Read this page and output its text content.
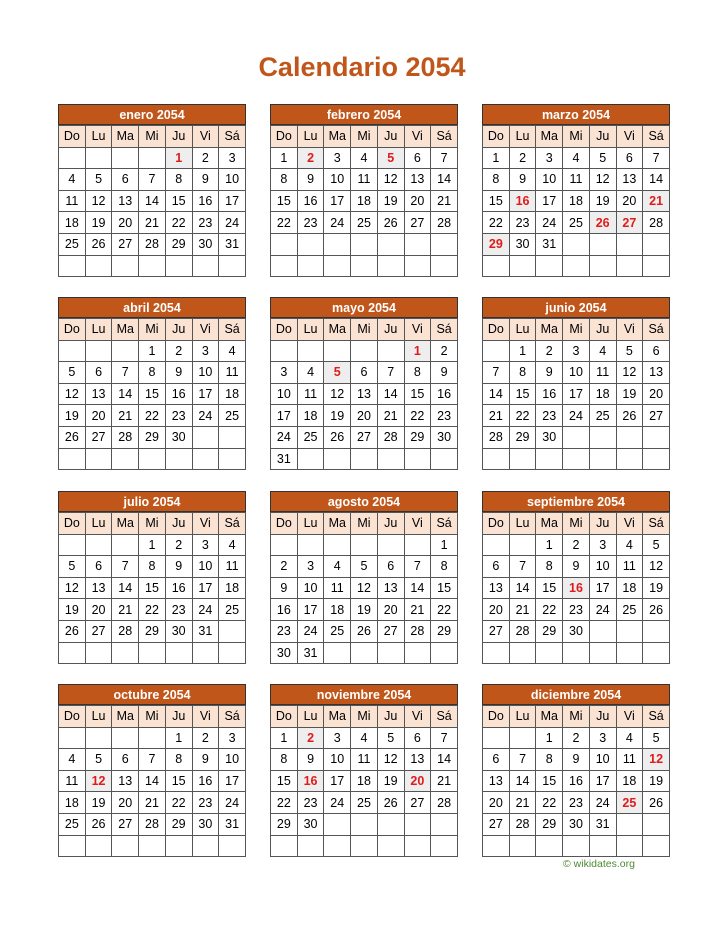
Calendario 2054
enero 2054
Do	Lu	Ma	Mi	Ju	Vi	Sá
				1	2	3
4	5	6	7	8	9	10
11	12	13	14	15	16	17
18	19	20	21	22	23	24
25	26	27	28	29	30	31

febrero 2054
Do	Lu	Ma	Mi	Ju	Vi	Sá
1	2	3	4	5	6	7
8	9	10	11	12	13	14
15	16	17	18	19	20	21
22	23	24	25	26	27	28

marzo 2054
Do	Lu	Ma	Mi	Ju	Vi	Sá
1	2	3	4	5	6	7
8	9	10	11	12	13	14
15	16	17	18	19	20	21
22	23	24	25	26	27	28
29	30	31				

abril 2054
Do	Lu	Ma	Mi	Ju	Vi	Sá
			1	2	3	4
5	6	7	8	9	10	11
12	13	14	15	16	17	18
19	20	21	22	23	24	25
26	27	28	29	30		

mayo 2054
Do	Lu	Ma	Mi	Ju	Vi	Sá
					1	2
3	4	5	6	7	8	9
10	11	12	13	14	15	16
17	18	19	20	21	22	23
24	25	26	27	28	29	30
31						
junio 2054
Do	Lu	Ma	Mi	Ju	Vi	Sá
	1	2	3	4	5	6
7	8	9	10	11	12	13
14	15	16	17	18	19	20
21	22	23	24	25	26	27
28	29	30				

julio 2054
Do	Lu	Ma	Mi	Ju	Vi	Sá
			1	2	3	4
5	6	7	8	9	10	11
12	13	14	15	16	17	18
19	20	21	22	23	24	25
26	27	28	29	30	31	

agosto 2054
Do	Lu	Ma	Mi	Ju	Vi	Sá
						1
2	3	4	5	6	7	8
9	10	11	12	13	14	15
16	17	18	19	20	21	22
23	24	25	26	27	28	29
30	31					
septiembre 2054
Do	Lu	Ma	Mi	Ju	Vi	Sá
		1	2	3	4	5
6	7	8	9	10	11	12
13	14	15	16	17	18	19
20	21	22	23	24	25	26
27	28	29	30			

octubre 2054
Do	Lu	Ma	Mi	Ju	Vi	Sá
				1	2	3
4	5	6	7	8	9	10
11	12	13	14	15	16	17
18	19	20	21	22	23	24
25	26	27	28	29	30	31

noviembre 2054
Do	Lu	Ma	Mi	Ju	Vi	Sá
1	2	3	4	5	6	7
8	9	10	11	12	13	14
15	16	17	18	19	20	21
22	23	24	25	26	27	28
29	30					

diciembre 2054
Do	Lu	Ma	Mi	Ju	Vi	Sá
		1	2	3	4	5
6	7	8	9	10	11	12
13	14	15	16	17	18	19
20	21	22	23	24	25	26
27	28	29	30	31		

© wikidates.org
